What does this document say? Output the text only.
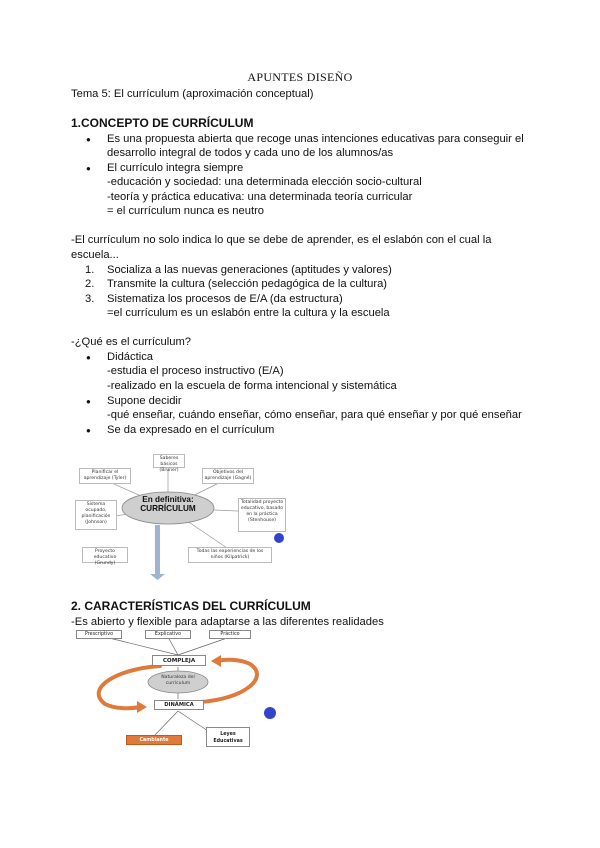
APUNTES DISEÑO
Tema 5: El currículum (aproximación conceptual)
1.CONCEPTO DE CURRÍCULUM
● Es una propuesta abierta que recoge unas intenciones educativas para conseguir el
desarrollo integral de todos y cada uno de los alumnos/as
● El currículo integra siempre
-educación y sociedad: una determinada elección socio-cultural
-teoría y práctica educativa: una determinada teoría curricular
= el currículum nunca es neutro
-El currículum no solo indica lo que se debe de aprender, es el eslabón con el cual la
escuela...
1. Socializa a las nuevas generaciones (aptitudes y valores)
2. Transmite la cultura (selección pedagógica de la cultura)
3. Sistematiza los procesos de E/A (da estructura)
=el currículum es un eslabón entre la cultura y la escuela
-¿Qué es el currículum?
● Didáctica
-estudia el proceso instructivo (E/A)
-realizado en la escuela de forma intencional y sistemática
● Supone decidir
-qué enseñar, cuándo enseñar, cómo enseñar, para qué enseñar y por qué enseñar
● Se da expresado en el currículum
En definitiva:
CURRÍCULUM
Saberes básicos (Bruner)
Planificar el aprendizaje (Tyler)
Objetivos del aprendizaje (Gagné)
Sistema ocupado, planificación (Johnson)
Totalidad proyecto educativo, basado en la práctica (Stenhouse)
Proyecto educativo (Grundy)
Todas las experiencias de los niños (Kilpatrick)
2. CARACTERÍSTICAS DEL CURRÍCULUM
-Es abierto y flexible para adaptarse a las diferentes realidades
Prescriptivo	Explicativo	Práctico
COMPLEJA
Naturaleza del currículum
DINÁMICA
Cambiante
Leyes Educativas
